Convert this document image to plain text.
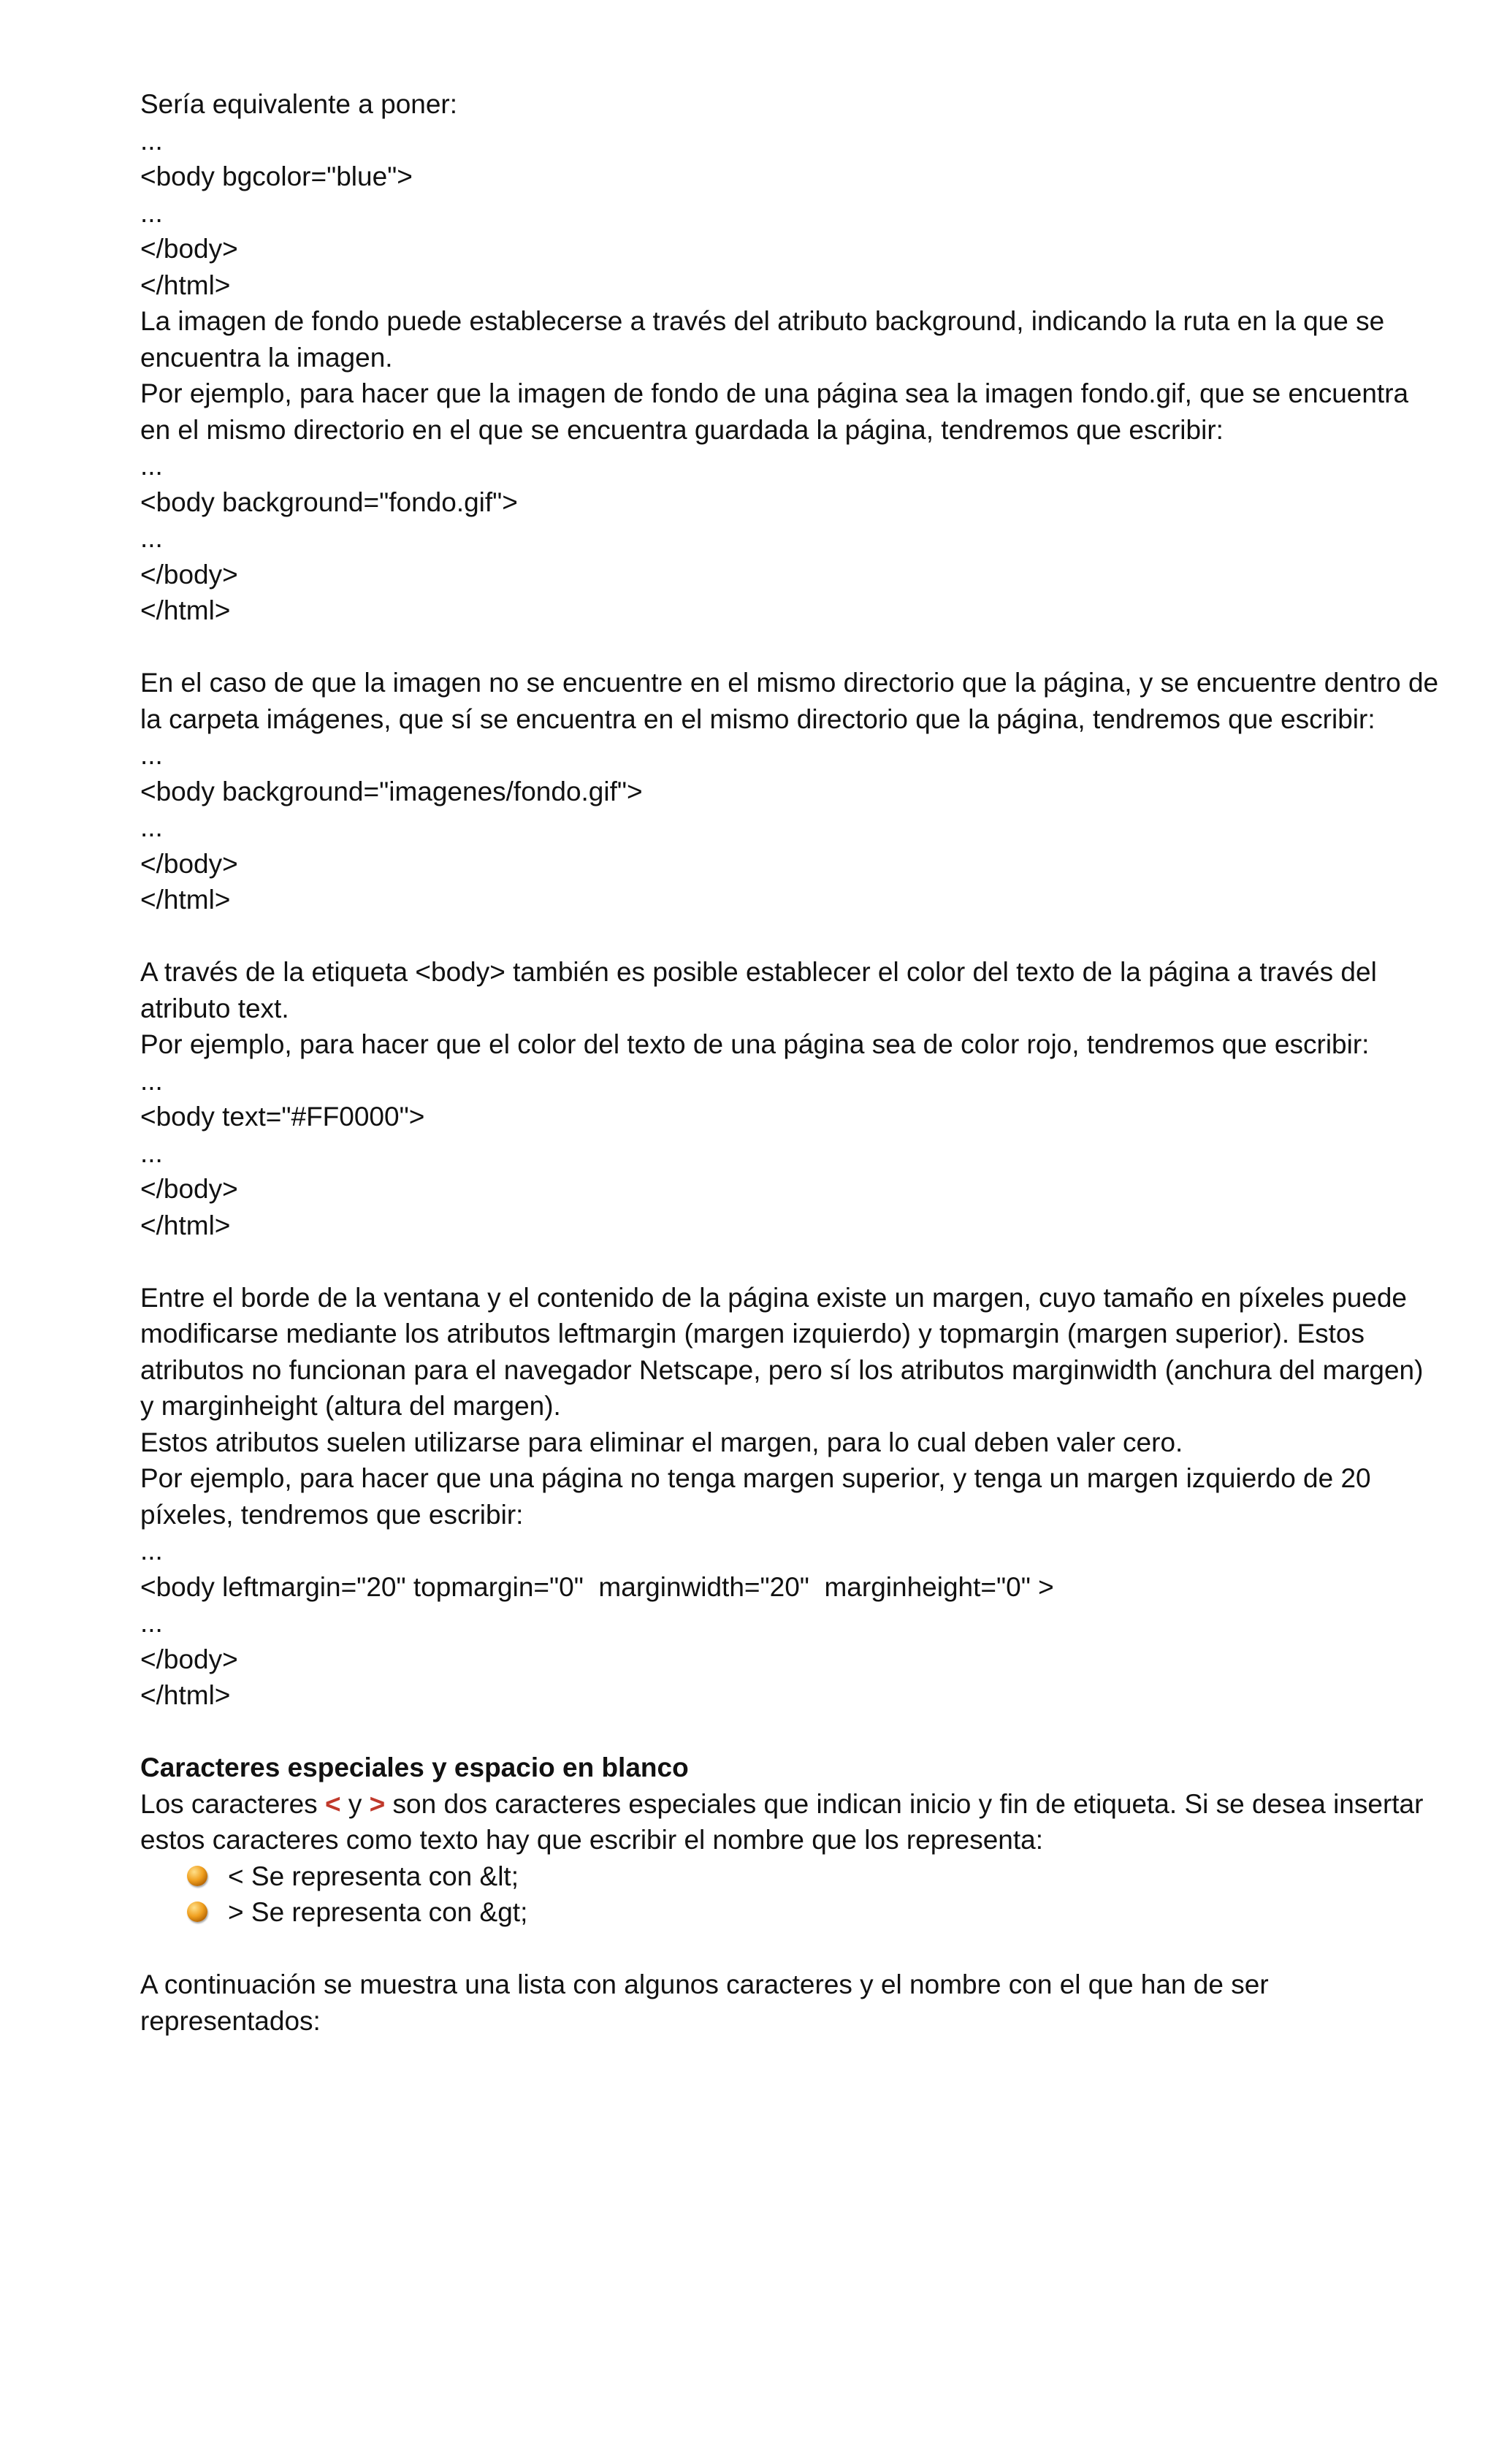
Sería equivalente a poner:
...
<body bgcolor="blue">
...
</body>
</html>
La imagen de fondo puede establecerse a través del atributo background, indicando la ruta en la que se encuentra la imagen.
Por ejemplo, para hacer que la imagen de fondo de una página sea la imagen fondo.gif, que se encuentra en el mismo directorio en el que se encuentra guardada la página, tendremos que escribir:
...
<body background="fondo.gif">
...
</body>
</html>
En el caso de que la imagen no se encuentre en el mismo directorio que la página, y se encuentre dentro de la carpeta imágenes, que sí se encuentra en el mismo directorio que la página, tendremos que escribir:
...
<body background="imagenes/fondo.gif">
...
</body>
</html>
A través de la etiqueta <body> también es posible establecer el color del texto de la página a través del atributo text.
Por ejemplo, para hacer que el color del texto de una página sea de color rojo, tendremos que escribir:
...
<body text="#FF0000">
...
</body>
</html>
Entre el borde de la ventana y el contenido de la página existe un margen, cuyo tamaño en píxeles puede modificarse mediante los atributos leftmargin (margen izquierdo) y topmargin (margen superior). Estos atributos no funcionan para el navegador Netscape, pero sí los atributos marginwidth (anchura del margen) y marginheight (altura del margen).
Estos atributos suelen utilizarse para eliminar el margen, para lo cual deben valer cero.
Por ejemplo, para hacer que una página no tenga margen superior, y tenga un margen izquierdo de 20 píxeles, tendremos que escribir:
...
<body leftmargin="20" topmargin="0"  marginwidth="20"  marginheight="0" >
...
</body>
</html>
Caracteres especiales y espacio en blanco
Los caracteres < y > son dos caracteres especiales que indican inicio y fin de etiqueta. Si se desea insertar estos caracteres como texto hay que escribir el nombre que los representa:
< Se representa con &lt;
> Se representa con &gt;
A continuación se muestra una lista con algunos caracteres y el nombre con el que han de ser representados:
